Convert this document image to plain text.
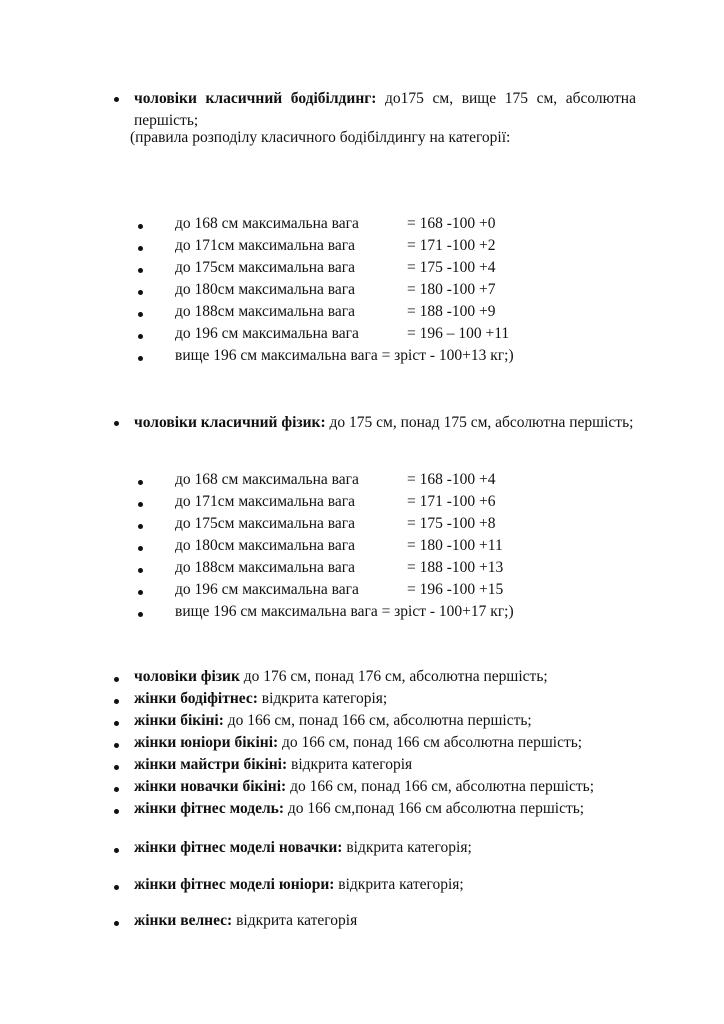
чоловіки класичний бодібілдинг: до175 см, вище 175 см, абсолютна першість;
(правила розподілу класичного бодібілдингу на категорії:
до 168 см максимальна вага	= 168 -100 +0
до 171см максимальна вага	= 171 -100 +2
до 175см максимальна вага	= 175 -100 +4
до 180см максимальна вага	= 180 -100 +7
до 188см максимальна вага	= 188 -100 +9
до 196 см максимальна вага	= 196 – 100 +11
вище 196 см максимальна вага = зріст - 100+13 кг;)
чоловіки класичний фізик: до 175 см, понад 175 см, абсолютна першість;
до 168 см максимальна вага	= 168 -100 +4
до 171см максимальна вага	= 171 -100 +6
до 175см максимальна вага	= 175 -100 +8
до 180см максимальна вага	= 180 -100 +11
до 188см максимальна вага	= 188 -100 +13
до 196 см максимальна вага	= 196 -100 +15
вище 196 см максимальна вага = зріст - 100+17 кг;)
чоловіки фізик до 176 см, понад 176 см, абсолютна першість;
жінки бодіфітнес: відкрита категорія;
жінки бікіні: до 166 см, понад 166 см, абсолютна першість;
жінки юніори бікіні: до 166 см, понад 166 см абсолютна першість;
жінки майстри бікіні: відкрита категорія
жінки новачки бікіні: до 166 см, понад 166 см, абсолютна першість;
жінки фітнес модель: до 166 см,понад 166 см абсолютна першість;
жінки фітнес моделі новачки: відкрита категорія;
жінки фітнес моделі юніори: відкрита категорія;
жінки велнес: відкрита категорія
